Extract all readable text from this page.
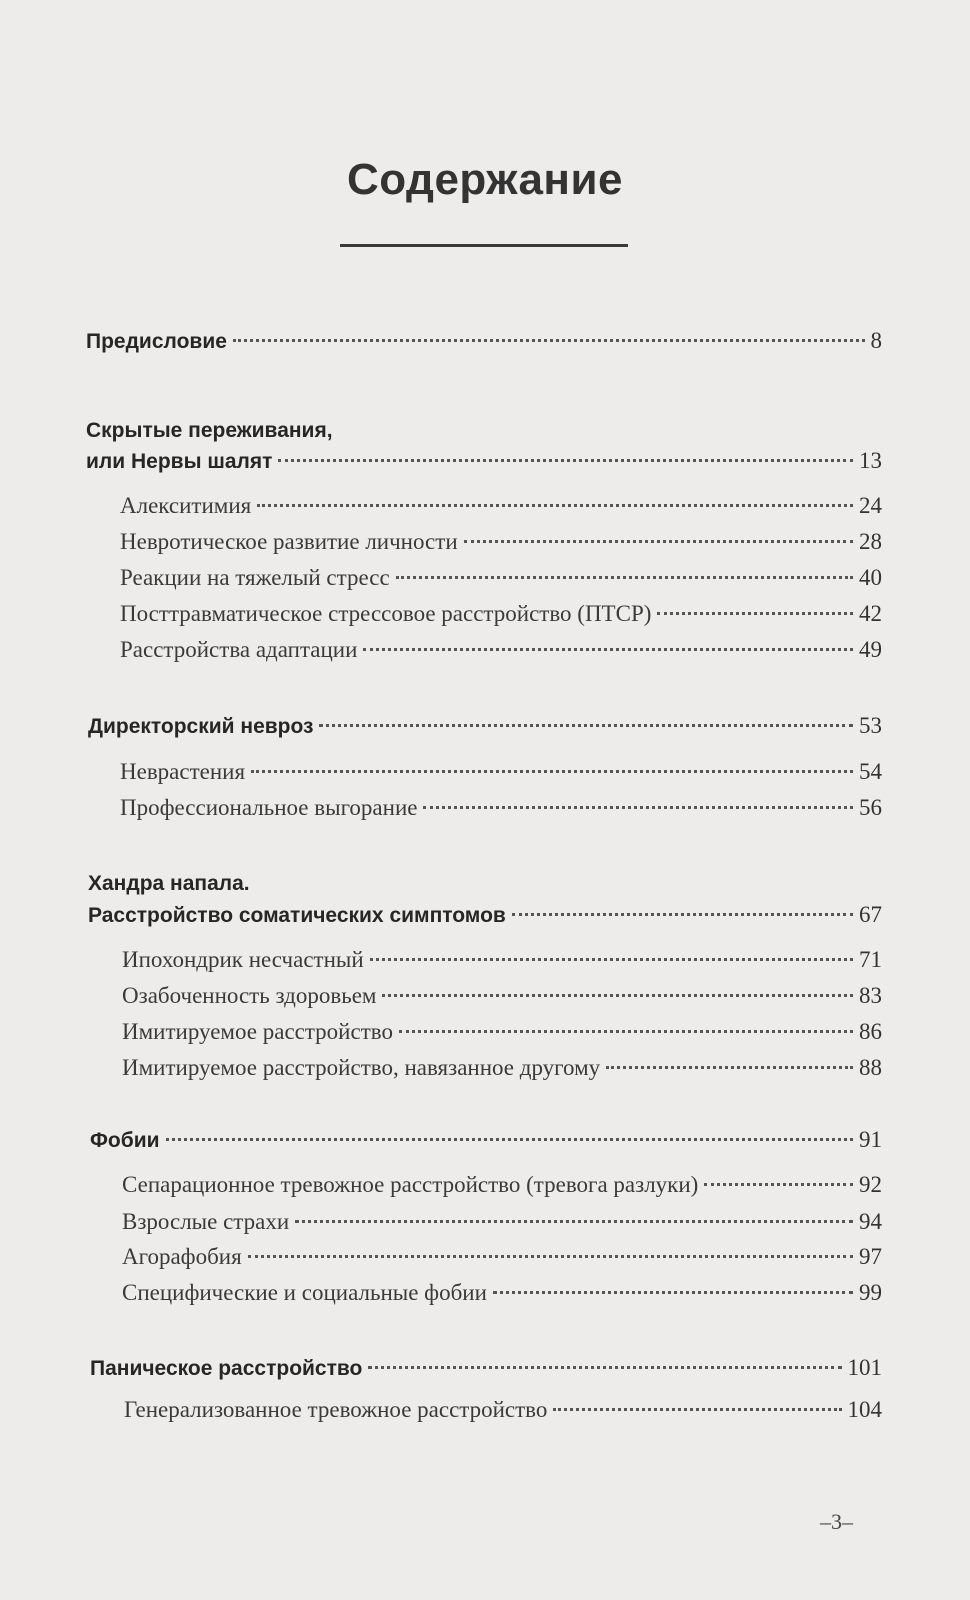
Содержание
Предисловие	8
Скрытые переживания,
или Нервы шалят	13
Алекситимия	24
Невротическое развитие личности	28
Реакции на тяжелый стресс	40
Посттравматическое стрессовое расстройство (ПТСР)	42
Расстройства адаптации	49
Директорский невроз	53
Неврастения	54
Профессиональное выгорание	56
Хандра напала.
Расстройство соматических симптомов	67
Ипохондрик несчастный	71
Озабоченность здоровьем	83
Имитируемое расстройство	86
Имитируемое расстройство, навязанное другому	88
Фобии	91
Сепарационное тревожное расстройство (тревога разлуки)	92
Взрослые страхи	94
Агорафобия	97
Специфические и социальные фобии	99
Паническое расстройство	101
Генерализованное тревожное расстройство	104
–3–
